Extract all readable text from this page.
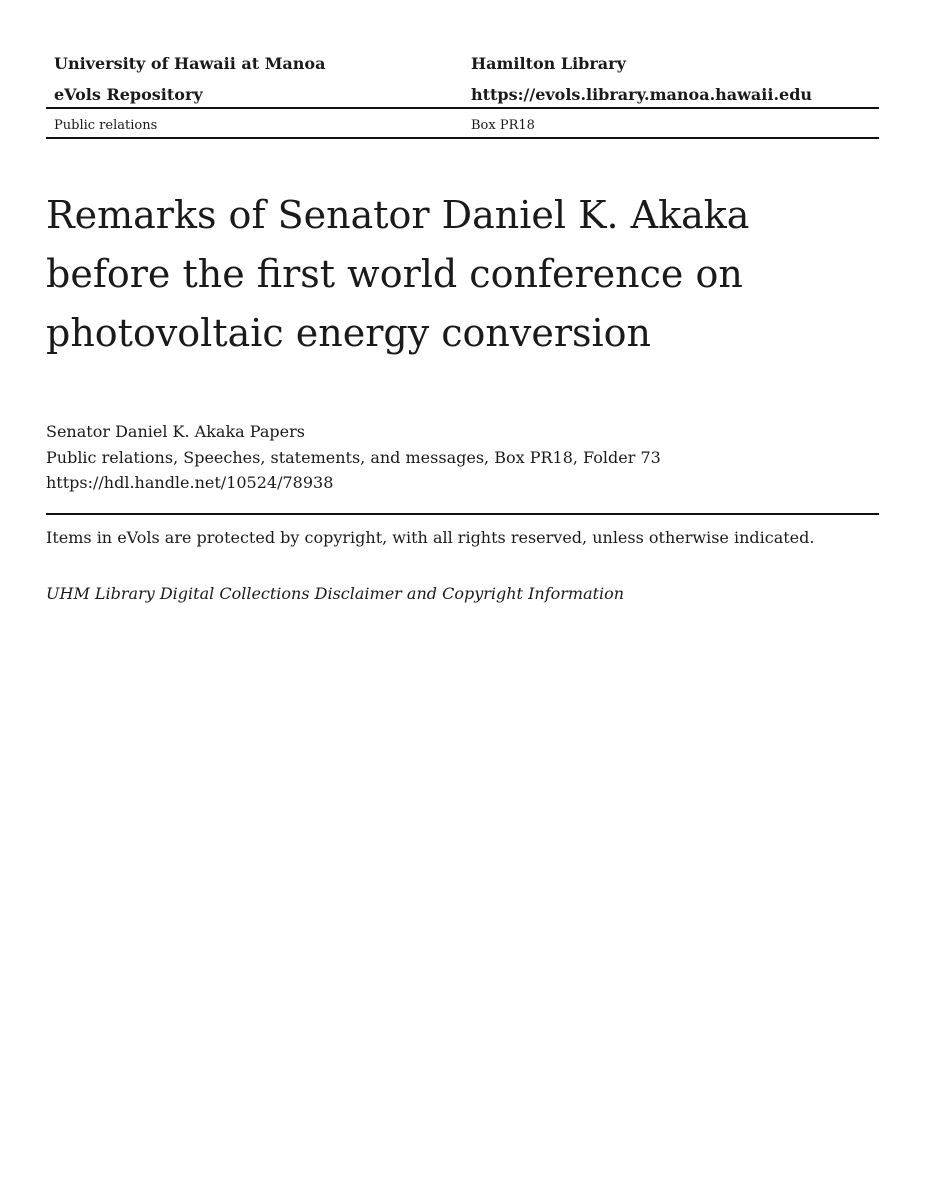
University of Hawaii at Manoa	Hamilton Library
eVols Repository	https://evols.library.manoa.hawaii.edu
Public relations	Box PR18
Remarks of Senator Daniel K. Akaka
before the first world conference on
photovoltaic energy conversion
Senator Daniel K. Akaka Papers
Public relations, Speeches, statements, and messages, Box PR18, Folder 73
https://hdl.handle.net/10524/78938
Items in eVols are protected by copyright, with all rights reserved, unless otherwise indicated.
UHM Library Digital Collections Disclaimer and Copyright Information
